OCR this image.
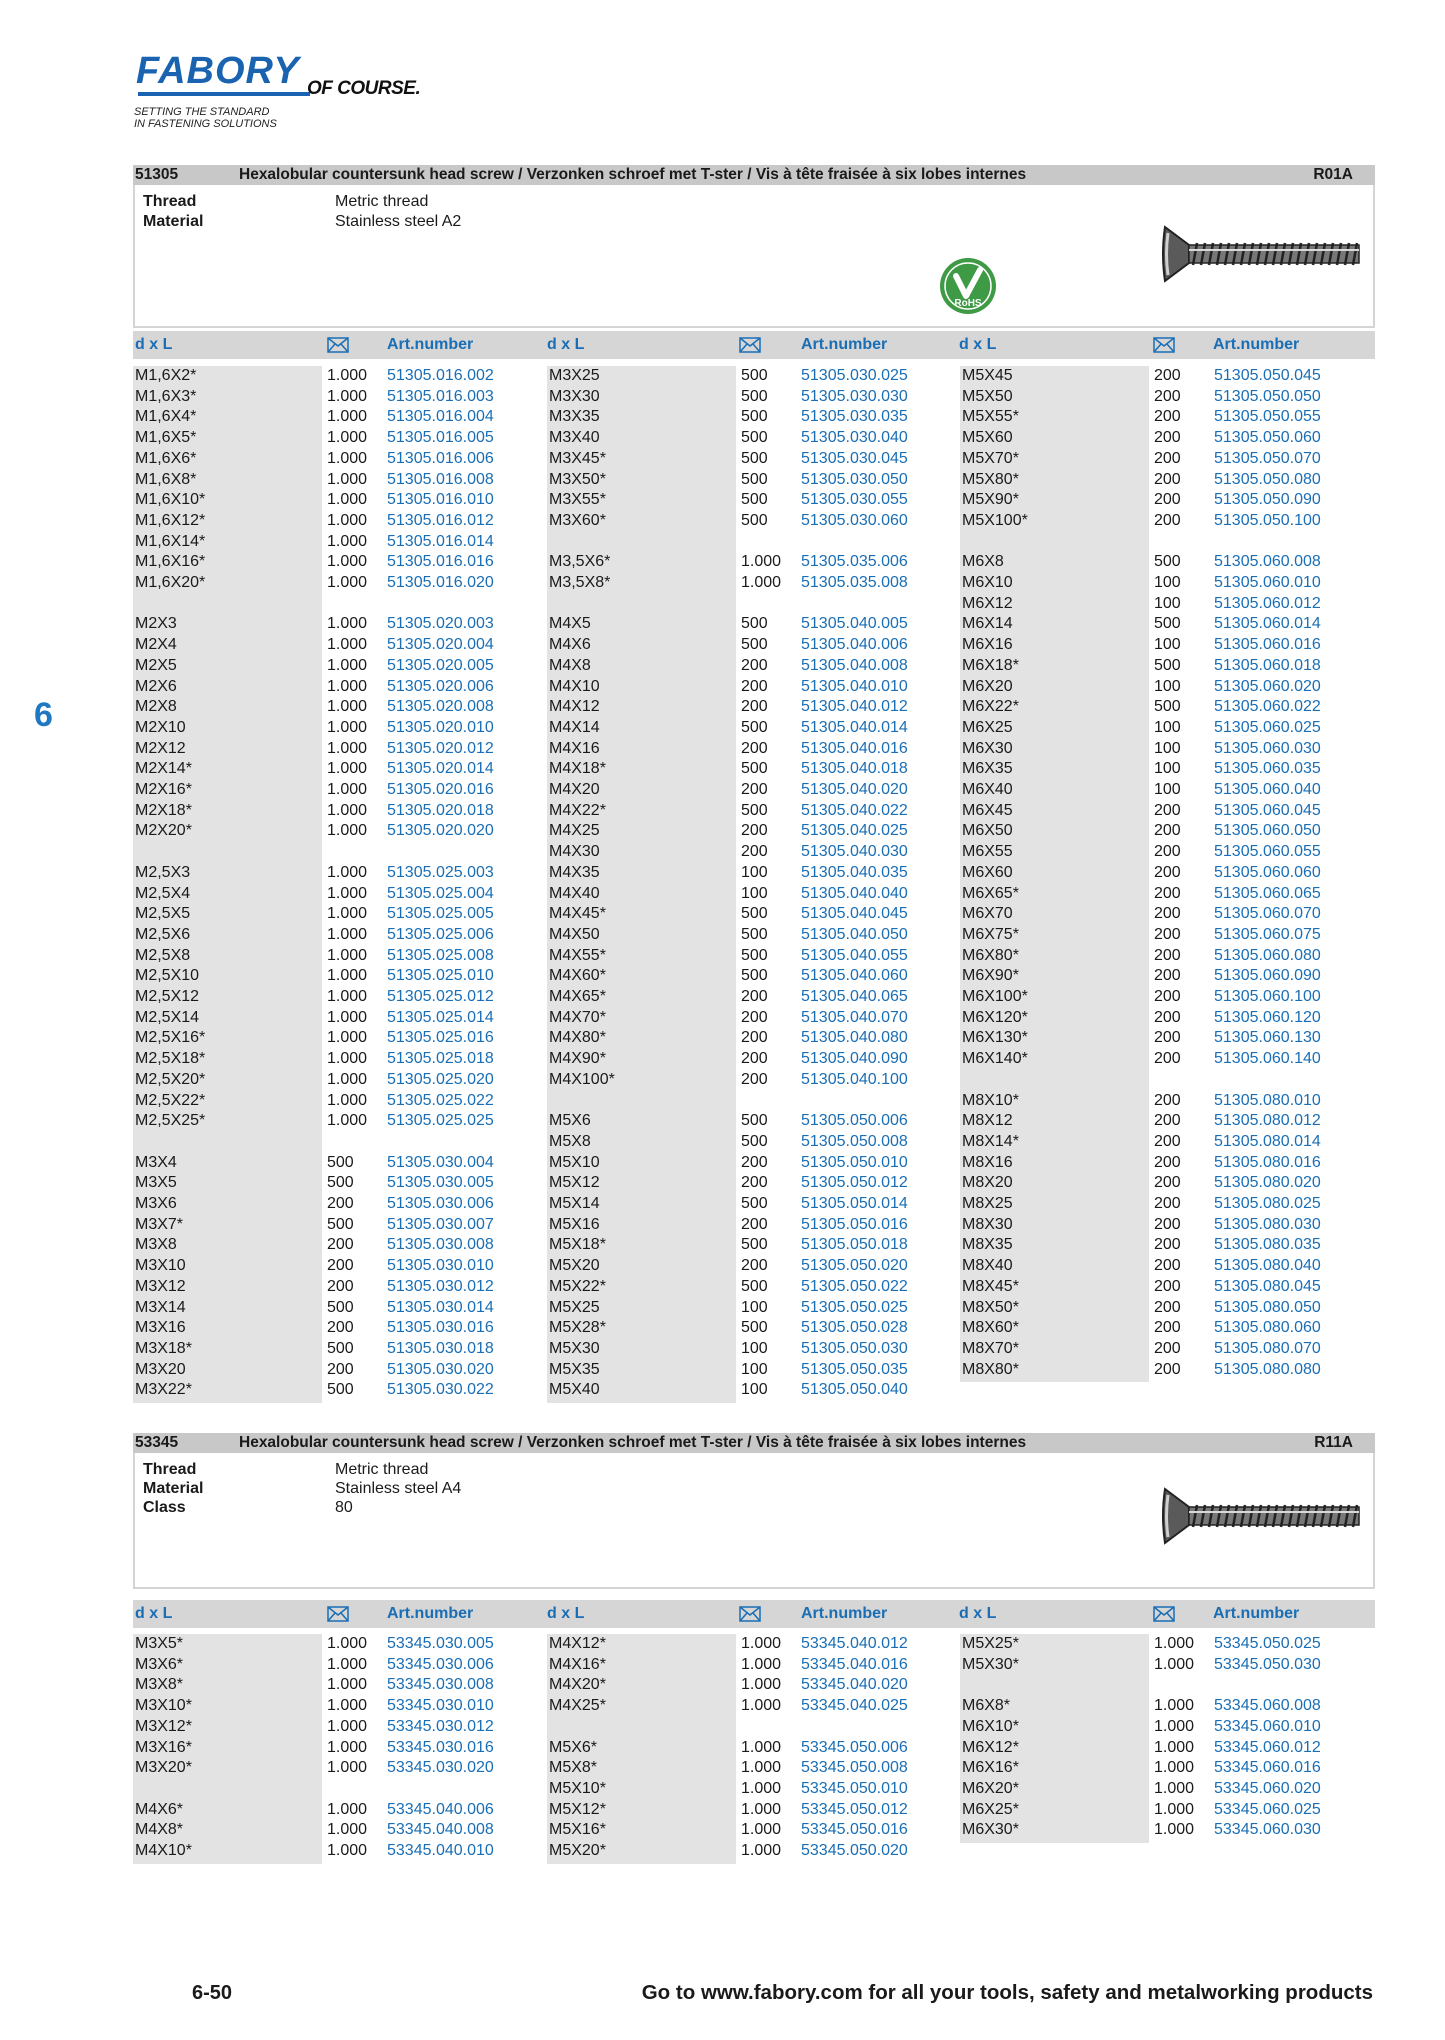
FABORY OF COURSE.
SETTING THE STANDARD
IN FASTENING SOLUTIONS
6
51305	Hexalobular countersunk head screw / Verzonken schroef met T-ster / Vis à tête fraisée à six lobes internes	R01A
Thread	Metric thread
Material	Stainless steel A2
RoHS
d x L	Art.number	d x L	Art.number	d x L	Art.number
M1,6X2*	1.000 51305.016.002
M1,6X3*	1.000 51305.016.003
M1,6X4*	1.000 51305.016.004
M1,6X5*	1.000 51305.016.005
M1,6X6*	1.000 51305.016.006
M1,6X8*	1.000 51305.016.008
M1,6X10*	1.000 51305.016.010
M1,6X12*	1.000 51305.016.012
M1,6X14*	1.000 51305.016.014
M1,6X16*	1.000 51305.016.016
M1,6X20*	1.000 51305.016.020
M2X3	1.000 51305.020.003
M2X4	1.000 51305.020.004
M2X5	1.000 51305.020.005
M2X6	1.000 51305.020.006
M2X8	1.000 51305.020.008
M2X10	1.000 51305.020.010
M2X12	1.000 51305.020.012
M2X14*	1.000 51305.020.014
M2X16*	1.000 51305.020.016
M2X18*	1.000 51305.020.018
M2X20*	1.000 51305.020.020
M2,5X3	1.000 51305.025.003
M2,5X4	1.000 51305.025.004
M2,5X5	1.000 51305.025.005
M2,5X6	1.000 51305.025.006
M2,5X8	1.000 51305.025.008
M2,5X10	1.000 51305.025.010
M2,5X12	1.000 51305.025.012
M2,5X14	1.000 51305.025.014
M2,5X16*	1.000 51305.025.016
M2,5X18*	1.000 51305.025.018
M2,5X20*	1.000 51305.025.020
M2,5X22*	1.000 51305.025.022
M2,5X25*	1.000 51305.025.025
M3X4	500 51305.030.004
M3X5	500 51305.030.005
M3X6	200 51305.030.006
M3X7*	500 51305.030.007
M3X8	200 51305.030.008
M3X10	200 51305.030.010
M3X12	200 51305.030.012
M3X14	500 51305.030.014
M3X16	200 51305.030.016
M3X18*	500 51305.030.018
M3X20	200 51305.030.020
M3X22*	500 51305.030.022
M3X25	500 51305.030.025
M3X30	500 51305.030.030
M3X35	500 51305.030.035
M3X40	500 51305.030.040
M3X45*	500 51305.030.045
M3X50*	500 51305.030.050
M3X55*	500 51305.030.055
M3X60*	500 51305.030.060
M3,5X6*	1.000 51305.035.006
M3,5X8*	1.000 51305.035.008
M4X5	500 51305.040.005
M4X6	500 51305.040.006
M4X8	200 51305.040.008
M4X10	200 51305.040.010
M4X12	200 51305.040.012
M4X14	500 51305.040.014
M4X16	200 51305.040.016
M4X18*	500 51305.040.018
M4X20	200 51305.040.020
M4X22*	500 51305.040.022
M4X25	200 51305.040.025
M4X30	200 51305.040.030
M4X35	100 51305.040.035
M4X40	100 51305.040.040
M4X45*	500 51305.040.045
M4X50	500 51305.040.050
M4X55*	500 51305.040.055
M4X60*	500 51305.040.060
M4X65*	200 51305.040.065
M4X70*	200 51305.040.070
M4X80*	200 51305.040.080
M4X90*	200 51305.040.090
M4X100*	200 51305.040.100
M5X6	500 51305.050.006
M5X8	500 51305.050.008
M5X10	200 51305.050.010
M5X12	200 51305.050.012
M5X14	500 51305.050.014
M5X16	200 51305.050.016
M5X18*	500 51305.050.018
M5X20	200 51305.050.020
M5X22*	500 51305.050.022
M5X25	100 51305.050.025
M5X28*	500 51305.050.028
M5X30	100 51305.050.030
M5X35	100 51305.050.035
M5X40	100 51305.050.040
M5X45	200 51305.050.045
M5X50	200 51305.050.050
M5X55*	200 51305.050.055
M5X60	200 51305.050.060
M5X70*	200 51305.050.070
M5X80*	200 51305.050.080
M5X90*	200 51305.050.090
M5X100*	200 51305.050.100
M6X8	500 51305.060.008
M6X10	100 51305.060.010
M6X12	100 51305.060.012
M6X14	500 51305.060.014
M6X16	100 51305.060.016
M6X18*	500 51305.060.018
M6X20	100 51305.060.020
M6X22*	500 51305.060.022
M6X25	100 51305.060.025
M6X30	100 51305.060.030
M6X35	100 51305.060.035
M6X40	100 51305.060.040
M6X45	200 51305.060.045
M6X50	200 51305.060.050
M6X55	200 51305.060.055
M6X60	200 51305.060.060
M6X65*	200 51305.060.065
M6X70	200 51305.060.070
M6X75*	200 51305.060.075
M6X80*	200 51305.060.080
M6X90*	200 51305.060.090
M6X100*	200 51305.060.100
M6X120*	200 51305.060.120
M6X130*	200 51305.060.130
M6X140*	200 51305.060.140
M8X10*	200 51305.080.010
M8X12	200 51305.080.012
M8X14*	200 51305.080.014
M8X16	200 51305.080.016
M8X20	200 51305.080.020
M8X25	200 51305.080.025
M8X30	200 51305.080.030
M8X35	200 51305.080.035
M8X40	200 51305.080.040
M8X45*	200 51305.080.045
M8X50*	200 51305.080.050
M8X60*	200 51305.080.060
M8X70*	200 51305.080.070
M8X80*	200 51305.080.080
53345	Hexalobular countersunk head screw / Verzonken schroef met T-ster / Vis à tête fraisée à six lobes internes	R11A
Thread	Metric thread
Material	Stainless steel A4
Class	80
d x L	Art.number	d x L	Art.number	d x L	Art.number
M3X5*	1.000 53345.030.005
M3X6*	1.000 53345.030.006
M3X8*	1.000 53345.030.008
M3X10*	1.000 53345.030.010
M3X12*	1.000 53345.030.012
M3X16*	1.000 53345.030.016
M3X20*	1.000 53345.030.020
M4X6*	1.000 53345.040.006
M4X8*	1.000 53345.040.008
M4X10*	1.000 53345.040.010
M4X12*	1.000 53345.040.012
M4X16*	1.000 53345.040.016
M4X20*	1.000 53345.040.020
M4X25*	1.000 53345.040.025
M5X6*	1.000 53345.050.006
M5X8*	1.000 53345.050.008
M5X10*	1.000 53345.050.010
M5X12*	1.000 53345.050.012
M5X16*	1.000 53345.050.016
M5X20*	1.000 53345.050.020
M5X25*	1.000 53345.050.025
M5X30*	1.000 53345.050.030
M6X8*	1.000 53345.060.008
M6X10*	1.000 53345.060.010
M6X12*	1.000 53345.060.012
M6X16*	1.000 53345.060.016
M6X20*	1.000 53345.060.020
M6X25*	1.000 53345.060.025
M6X30*	1.000 53345.060.030
6-50	Go to www.fabory.com for all your tools, safety and metalworking products
